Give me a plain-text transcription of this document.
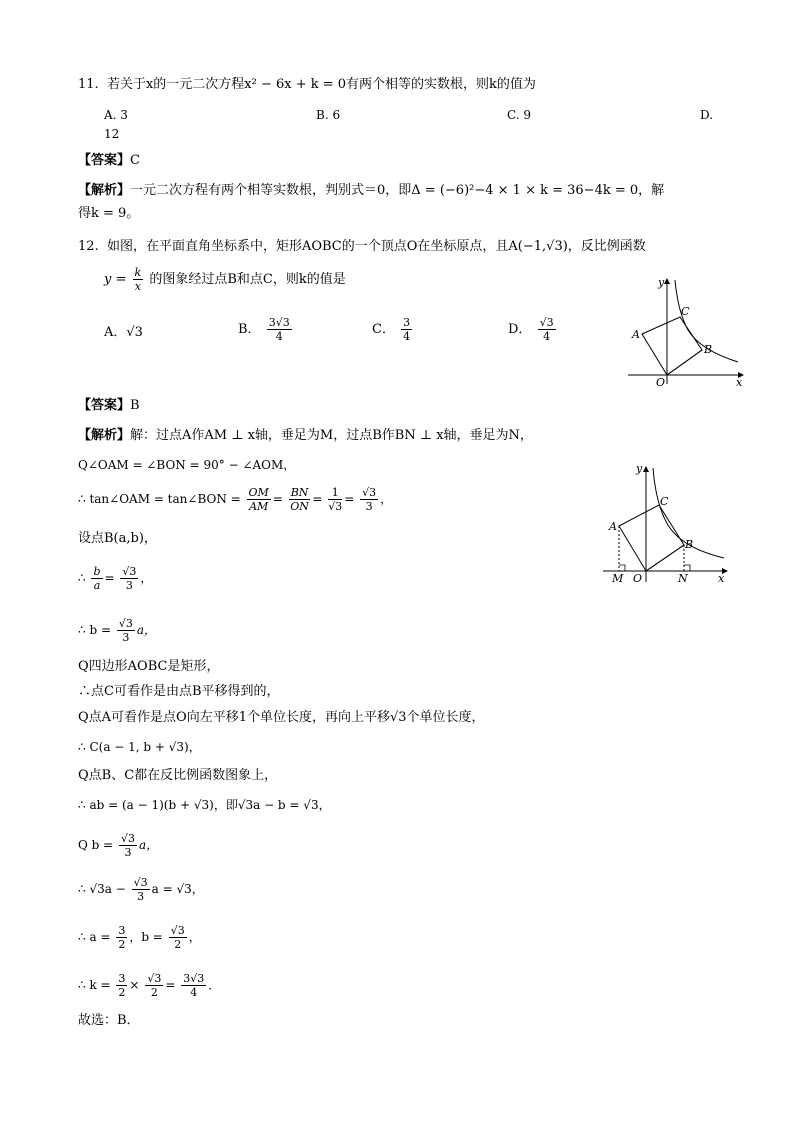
11. 若关于x的一元二次方程x² − 6x + k = 0有两个相等的实数根，则k的值为
A. 3	B. 6	C. 9	D.
12
【答案】C
【解析】一元二次方程有两个相等实数根，判别式＝0，即Δ = (−6)²−4 × 1 × k = 36−4k = 0，解
得k = 9。
12. 如图，在平面直角坐标系中，矩形AOBC的一个顶点O在坐标原点，且A(−1,√3)，反比例函数
$y = \frac{k}{x}$ 的图象经过点B和点C，则k的值是
A．√3	B． $\frac{3√3}{4}$	C． $\frac{3}{4}$	D． $\frac{√3}{4}$
y
x
O
A
B
C
【答案】B
【解析】解：过点A作AM ⊥ x轴，垂足为M，过点B作BN ⊥ x轴，垂足为N，
Q∠OAM = ∠BON = 90° − ∠AOM，
∴ tan∠OAM = tan∠BON = $\frac{OM}{AM} = \frac{BN}{ON} = \frac{1}{√3} = \frac{√3}{3}$ ，
设点B(a,b)，
∴ $\frac{b}{a} = \frac{√3}{3}$ ，
∴ $b = \frac{√3}{3}$ a，
Q四边形AOBC是矩形，
∴点C可看作是由点B平移得到的，
Q点A可看作是点O向左平移1个单位长度，再向上平移√3个单位长度，
∴ C(a − 1, b + √3)，
Q点B、C都在反比例函数图象上，
∴ ab = (a − 1)(b + √3)，即√3a − b = √3，
Q $b = \frac{√3}{3}$ a，
∴ $√3a - \frac{√3}{3}$ a = √3，
∴ $a = \frac{3}{2}$ ，$b = \frac{√3}{2}$ ，
∴ $k = \frac{3}{2} \times \frac{√3}{2} = \frac{3√3}{4}$ ．
故选：B．
y
x
O
M	N
A
B
C
